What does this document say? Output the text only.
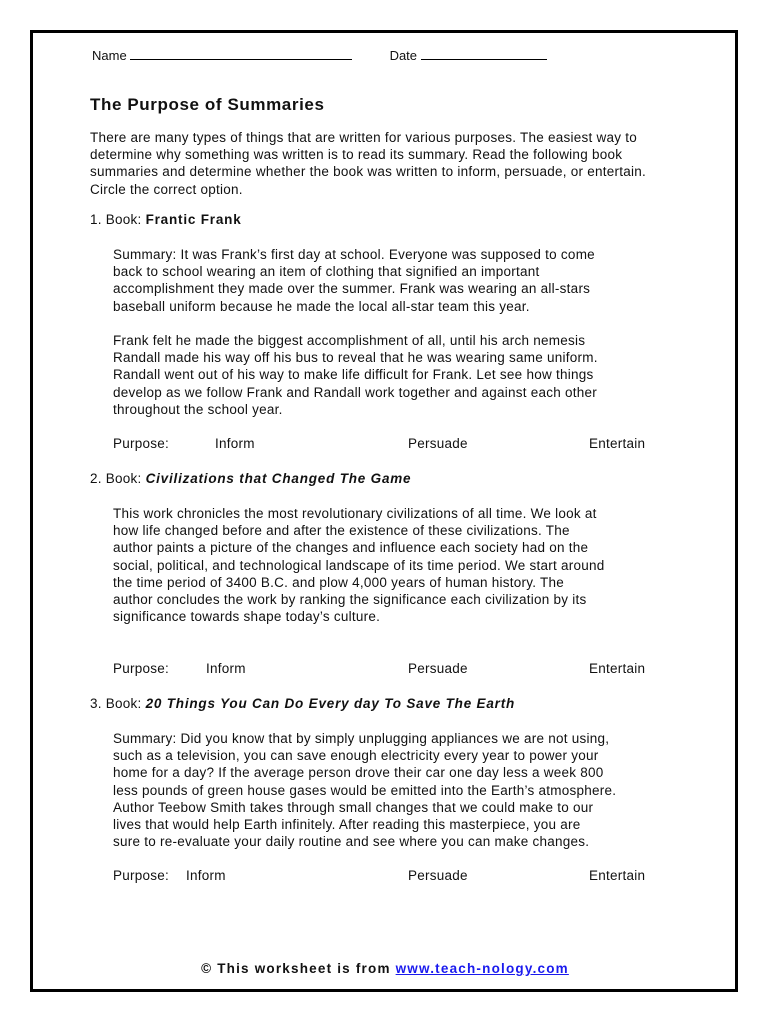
Name	Date
The Purpose of Summaries
There are many types of things that are written for various purposes. The easiest way to determine why something was written is to read its summary. Read the following book summaries and determine whether the book was written to inform, persuade, or entertain. Circle the correct option.
1. Book: Frantic Frank
Summary: It was Frank’s first day at school. Everyone was supposed to come
back to school wearing an item of clothing that signified an important
accomplishment they made over the summer. Frank was wearing an all-stars
baseball uniform because he made the local all-star team this year.
Frank felt he made the biggest accomplishment of all, until his arch nemesis
Randall made his way off his bus to reveal that he was wearing same uniform.
Randall went out of his way to make life difficult for Frank. Let see how things
develop as we follow Frank and Randall work together and against each other
throughout the school year.
Purpose:	Inform	Persuade	Entertain
2. Book: Civilizations that Changed The Game
This work chronicles the most revolutionary civilizations of all time. We look at
how life changed before and after the existence of these civilizations. The
author paints a picture of the changes and influence each society had on the
social, political, and technological landscape of its time period. We start around
the time period of 3400 B.C. and plow 4,000 years of human history. The
author concludes the work by ranking the significance each civilization by its
significance towards shape today’s culture.
Purpose:	Inform	Persuade	Entertain
3. Book: 20 Things You Can Do Every day To Save The Earth
Summary: Did you know that by simply unplugging appliances we are not using,
such as a television, you can save enough electricity every year to power your
home for a day? If the average person drove their car one day less a week 800
less pounds of green house gases would be emitted into the Earth’s atmosphere.
Author Teebow Smith takes through small changes that we could make to our
lives that would help Earth infinitely. After reading this masterpiece, you are
sure to re-evaluate your daily routine and see where you can make changes.
Purpose: Inform	Persuade	Entertain
© This worksheet is from www.teach-nology.com
